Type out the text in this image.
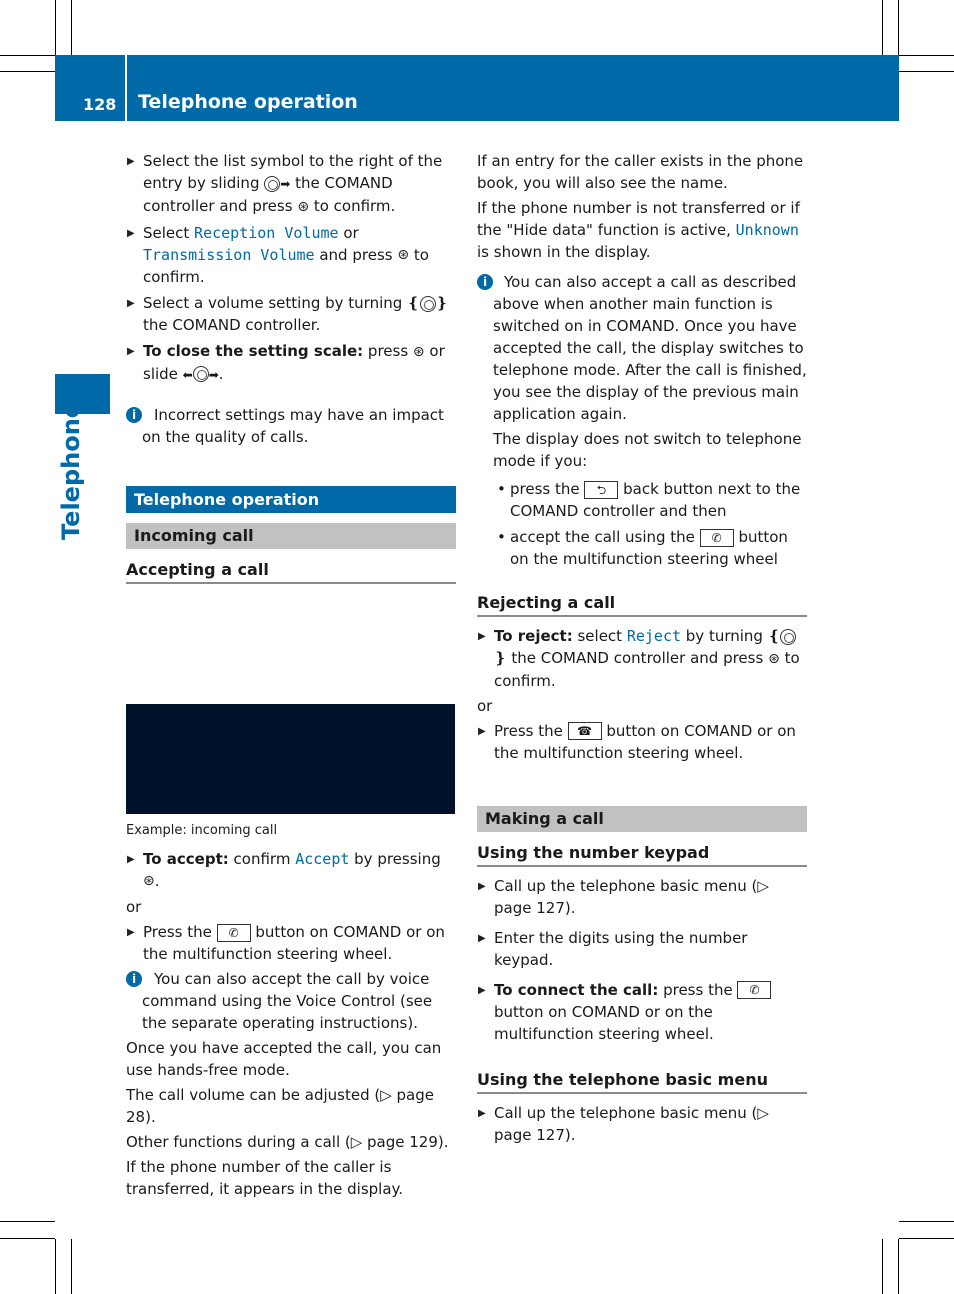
128 Telephone operation
Telephone
▶ Select the list symbol to the right of the entry by sliding ➡ the COMAND controller and press ⊛ to confirm.
▶ Select Reception Volume or Transmission Volume and press ⊛ to confirm.
▶ Select a volume setting by turning ❴ ❵ the COMAND controller.
▶ To close the setting scale: press ⊛ or slide ⬅ ➡.
i	Incorrect settings may have an impact on the quality of calls.
Telephone operation
Incoming call
Accepting a call
Example: incoming call
▶ To accept: confirm Accept by pressing ⊛.
or
▶ Press the ✆ button on COMAND or on the multifunction steering wheel.
i	You can also accept the call by voice command using the Voice Control (see the separate operating instructions).
Once you have accepted the call, you can use hands-free mode.
The call volume can be adjusted (▷ page 28).
Other functions during a call (▷ page 129).
If the phone number of the caller is transferred, it appears in the display.
If an entry for the caller exists in the phone book, you will also see the name.
If the phone number is not transferred or if the "Hide data" function is active, Unknown is shown in the display.
i	You can also accept a call as described above when another main function is switched on in COMAND. Once you have accepted the call, the display switches to telephone mode. After the call is finished, you see the display of the previous main application again.
The display does not switch to telephone mode if you:
• press the ⮌ back button next to the COMAND controller and then
• accept the call using the ✆ button on the multifunction steering wheel
Rejecting a call
▶ To reject: select Reject by turning ❴❵ the COMAND controller and press ⊛ to confirm.
or
▶ Press the ☎ button on COMAND or on the multifunction steering wheel.
Making a call
Using the number keypad
▶ Call up the telephone basic menu (▷ page 127).
▶ Enter the digits using the number keypad.
▶ To connect the call: press the ✆ button on COMAND or on the multifunction steering wheel.
Using the telephone basic menu
▶ Call up the telephone basic menu (▷ page 127).
